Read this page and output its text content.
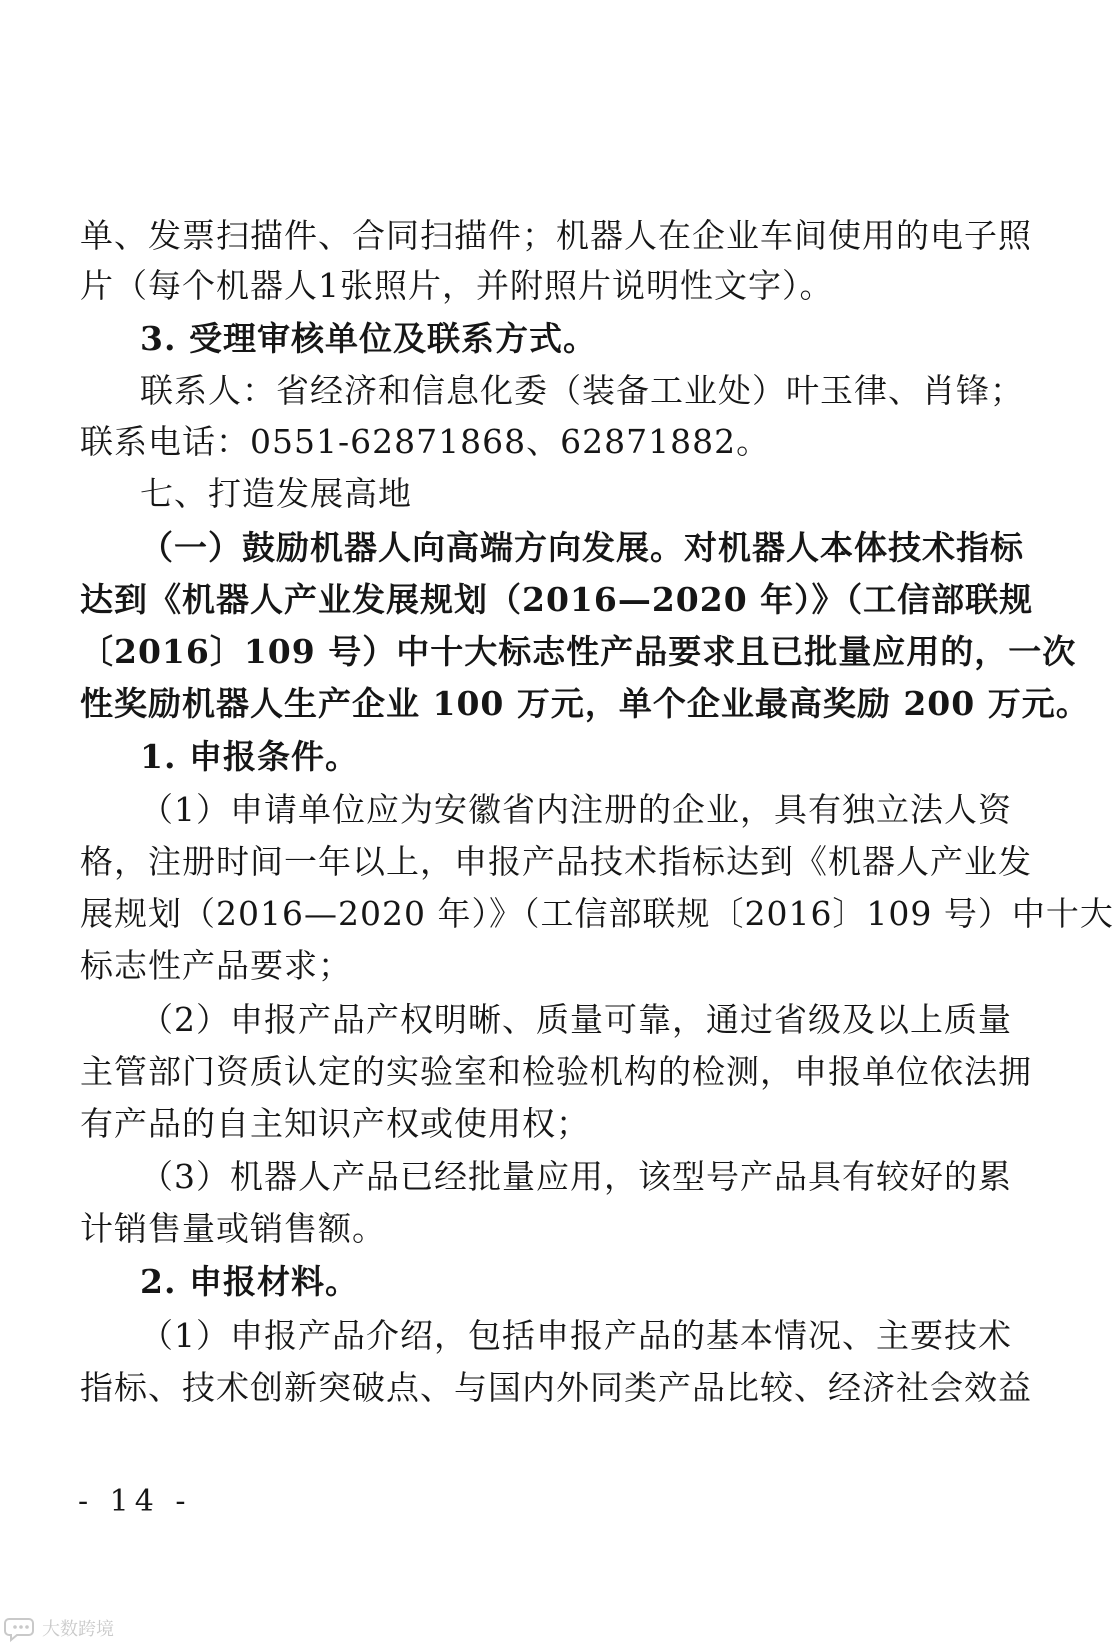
单、发票扫描件、合同扫描件；机器人在企业车间使用的电子照
片（每个机器人1张照片，并附照片说明性文字）。
3. 受理审核单位及联系方式。
联系人：省经济和信息化委（装备工业处）叶玉律、肖锋；
联系电话：0551-62871868、62871882。
七、打造发展高地
（一）鼓励机器人向高端方向发展。对机器人本体技术指标
达到《机器人产业发展规划（2016—2020 年）》（工信部联规
〔2016〕109 号）中十大标志性产品要求且已批量应用的，一次
性奖励机器人生产企业 100 万元，单个企业最高奖励 200 万元。
1. 申报条件。
（1）申请单位应为安徽省内注册的企业，具有独立法人资
格，注册时间一年以上，申报产品技术指标达到《机器人产业发
展规划（2016—2020 年）》（工信部联规〔2016〕109 号）中十大
标志性产品要求；
（2）申报产品产权明晰、质量可靠，通过省级及以上质量
主管部门资质认定的实验室和检验机构的检测，申报单位依法拥
有产品的自主知识产权或使用权；
（3）机器人产品已经批量应用，该型号产品具有较好的累
计销售量或销售额。
2. 申报材料。
（1）申报产品介绍，包括申报产品的基本情况、主要技术
指标、技术创新突破点、与国内外同类产品比较、经济社会效益
- 14 -
大数跨境
